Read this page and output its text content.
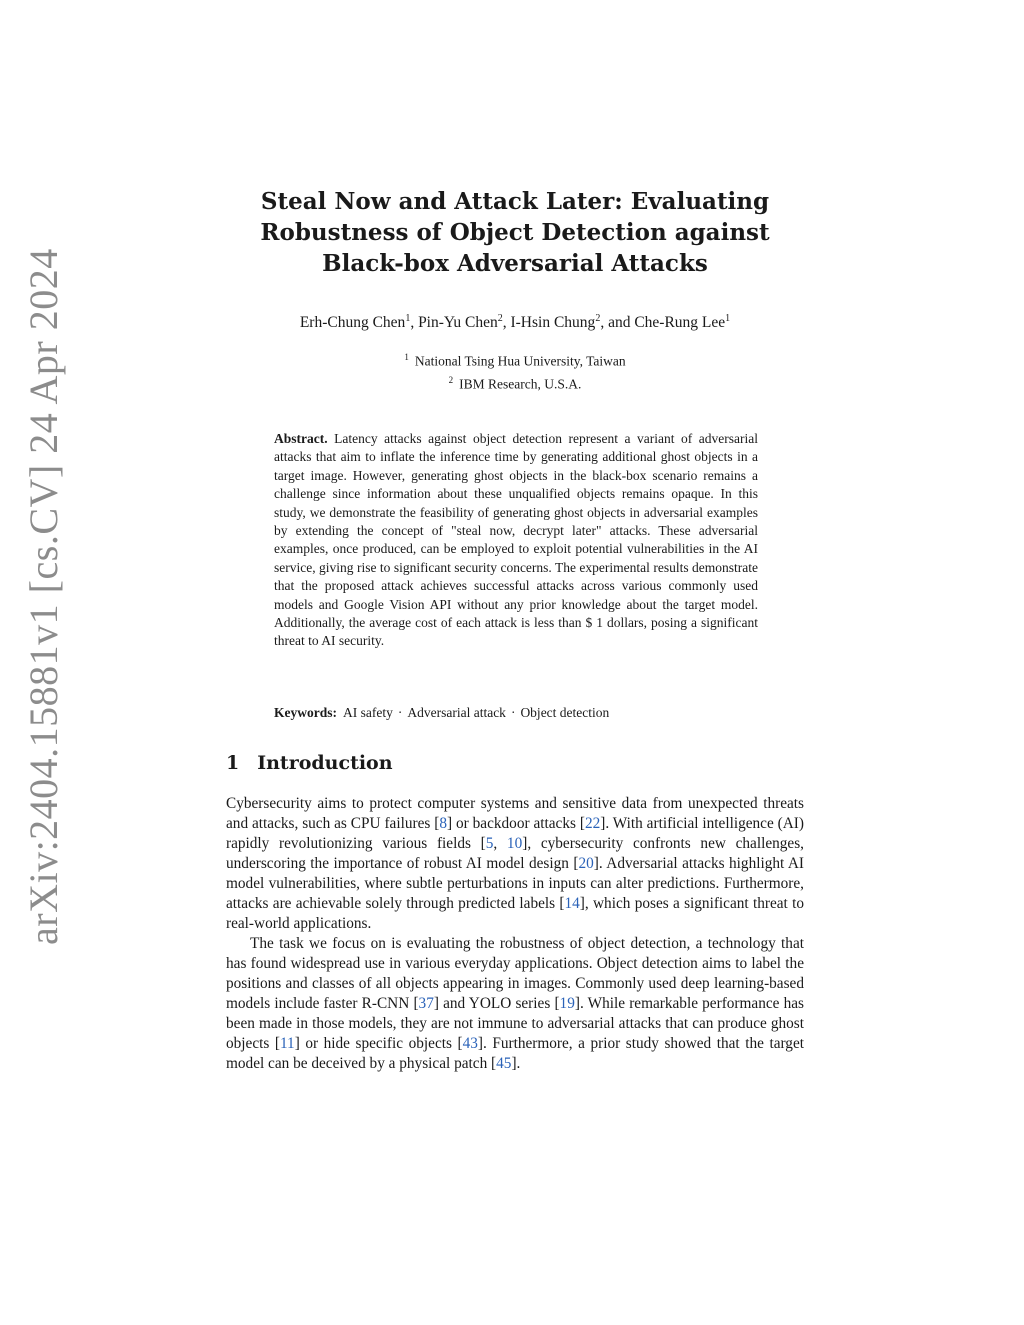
arXiv:2404.15881v1 [cs.CV] 24 Apr 2024
Steal Now and Attack Later: Evaluating
Robustness of Object Detection against
Black-box Adversarial Attacks
Erh-Chung Chen$^1$, Pin-Yu Chen$^2$, I-Hsin Chung$^2$, and Che-Rung Lee$^1$
$^1$ National Tsing Hua University, Taiwan
$^2$ IBM Research, U.S.A.
Abstract. Latency attacks against object detection represent a variant of adversarial attacks that aim to inflate the inference time by generating additional ghost objects in a target image. However, generating ghost objects in the black-box scenario remains a challenge since information about these unqualified objects remains opaque. In this study, we demonstrate the feasibility of generating ghost objects in adversarial examples by extending the concept of "steal now, decrypt later" attacks. These adversarial examples, once produced, can be employed to exploit potential vulnerabilities in the AI service, giving rise to significant security concerns. The experimental results demonstrate that the proposed attack achieves successful attacks across various commonly used models and Google Vision API without any prior knowledge about the target model. Additionally, the average cost of each attack is less than $ 1 dollars, posing a significant threat to AI security.
Keywords: AI safety · Adversarial attack · Object detection
1 Introduction

Cybersecurity aims to protect computer systems and sensitive data from unexpected threats and attacks, such as CPU failures [8] or backdoor attacks [22]. With artificial intelligence (AI) rapidly revolutionizing various fields [5, 10], cybersecurity confronts new challenges, underscoring the importance of robust AI model design [20]. Adversarial attacks highlight AI model vulnerabilities, where subtle perturbations in inputs can alter predictions. Furthermore, attacks are achievable solely through predicted labels [14], which poses a significant threat to real-world applications.

The task we focus on is evaluating the robustness of object detection, a technology that has found widespread use in various everyday applications. Object detection aims to label the positions and classes of all objects appearing in images. Commonly used deep learning-based models include faster R-CNN [37] and YOLO series [19]. While remarkable performance has been made in those models, they are not immune to adversarial attacks that can produce ghost objects [11] or hide specific objects [43]. Furthermore, a prior study showed that the target model can be deceived by a physical patch [45].
